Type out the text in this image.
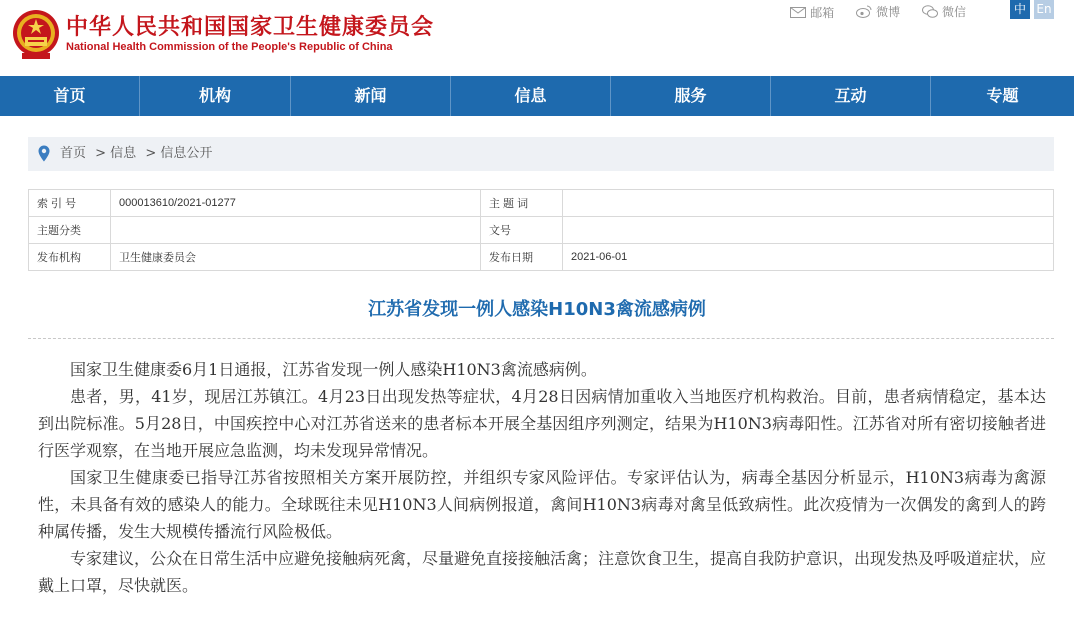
中华人民共和国国家卫生健康委员会
National Health Commission of the People's Republic of China
邮箱
	微博
	微信	中 En
首页	机构	新闻	信息	服务	互动	专题
首页 > 信息 > 信息公开
索 引 号	000013610/2021-01277	主 题 词	
主题分类		文号	
发布机构	卫生健康委员会	发布日期	2021-06-01
江苏省发现一例人感染H10N3禽流感病例

国家卫生健康委6月1日通报，江苏省发现一例人感染H10N3禽流感病例。

患者，男，41岁，现居江苏镇江。4月23日出现发热等症状，4月28日因病情加重收入当地医疗机构救治。目前，患者病情稳定，基本达到出院标准。5月28日，中国疾控中心对江苏省送来的患者标本开展全基因组序列测定，结果为H10N3病毒阳性。江苏省对所有密切接触者进行医学观察，在当地开展应急监测，均未发现异常情况。

国家卫生健康委已指导江苏省按照相关方案开展防控，并组织专家风险评估。专家评估认为，病毒全基因分析显示，H10N3病毒为禽源性，未具备有效的感染人的能力。全球既往未见H10N3人间病例报道，禽间H10N3病毒对禽呈低致病性。此次疫情为一次偶发的禽到人的跨种属传播，发生大规模传播流行风险极低。

专家建议，公众在日常生活中应避免接触病死禽，尽量避免直接接触活禽；注意饮食卫生，提高自我防护意识，出现发热及呼吸道症状，应戴上口罩，尽快就医。
